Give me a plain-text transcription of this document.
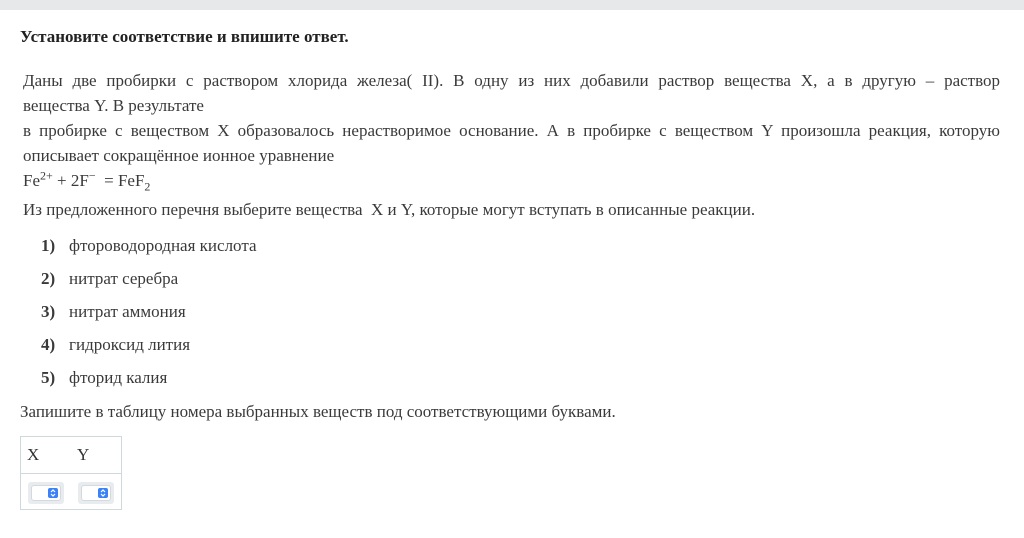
Установите соответствие и впишите ответ.

Даны две пробирки с раствором хлорида железа( II). В одну из них добавили раствор вещества X, а в другую – раствор

вещества Y. В результате

в пробирке с веществом X образовалось нерастворимое основание. А в пробирке с веществом Y произошла реакция, которую

описывает сокращённое ионное уравнение

$Fe^{2+} + 2F^- = FeF_2$

Из предложенного перечня выберите вещества  X и Y, которые могут вступать в описанные реакции.

1) фтороводородная кислота
2) нитрат серебра
3) нитрат аммония
4) гидроксид лития
5) фторид калия
Запишите в таблицу номера выбранных веществ под соответствующими буквами.
X Y
